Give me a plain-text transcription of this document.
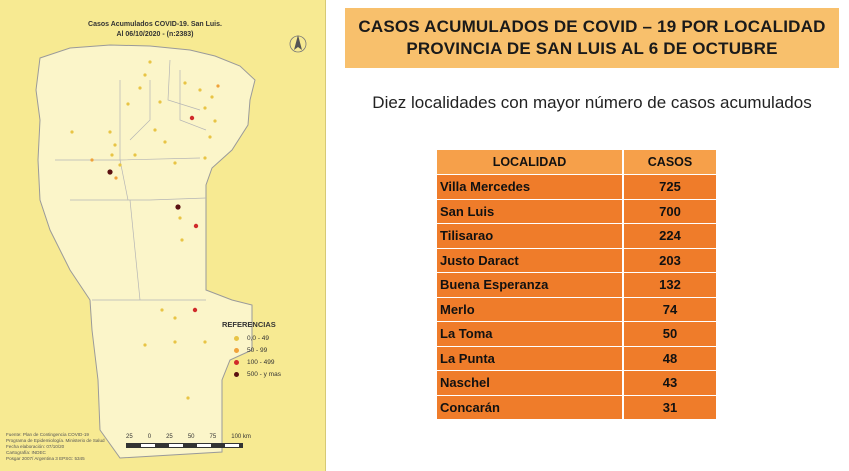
Casos Acumulados COVID-19. San Luis.
Al 06/10/2020 - (n:2383)
REFERENCIAS
0,0 - 49
50 - 99
100 - 499
500 - y mas
Fuente: Plan de Contingencia COVID-19
Programa de Epidemiología. Ministerio de Salud
Fecha elaboración: 07/10/20
Cartografía: INDEC
Posgar 2007/ Argentina 3 EPSG: 5345
25	0	25	50	75	100 km
CASOS ACUMULADOS DE COVID – 19 POR LOCALIDAD
PROVINCIA DE SAN LUIS AL 6 DE OCTUBRE
Diez localidades con mayor número de casos acumulados
LOCALIDAD		CASOS
Villa Mercedes		725
San Luis		700
Tilisarao		224
Justo Daract		203
Buena Esperanza		132
Merlo		74
La Toma		50
La Punta		48
Naschel		43
Concarán		31
